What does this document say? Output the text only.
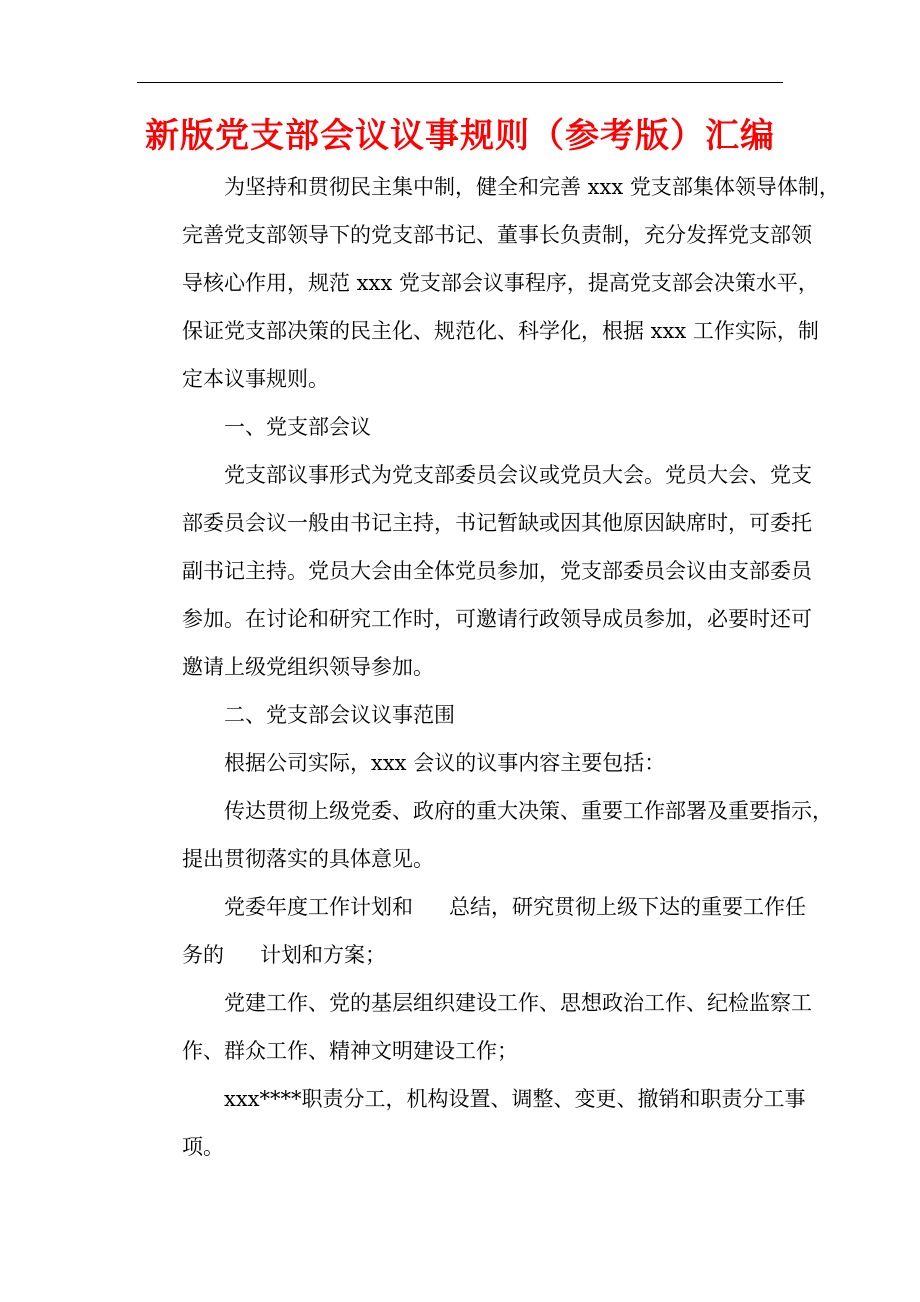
新版党支部会议议事规则（参考版）汇编
为坚持和贯彻民主集中制，健全和完善 xxx 党支部集体领导体制，
完善党支部领导下的党支部书记、董事长负责制，充分发挥党支部领
导核心作用，规范 xxx 党支部会议事程序，提高党支部会决策水平，
保证党支部决策的民主化、规范化、科学化，根据 xxx 工作实际，制
定本议事规则。
一、党支部会议
党支部议事形式为党支部委员会议或党员大会。党员大会、党支
部委员会议一般由书记主持，书记暂缺或因其他原因缺席时，可委托
副书记主持。党员大会由全体党员参加，党支部委员会议由支部委员
参加。在讨论和研究工作时，可邀请行政领导成员参加，必要时还可
邀请上级党组织领导参加。
二、党支部会议议事范围
根据公司实际，xxx 会议的议事内容主要包括：
传达贯彻上级党委、政府的重大决策、重要工作部署及重要指示，
提出贯彻落实的具体意见。
党委年度工作计划和 总结，研究贯彻上级下达的重要工作任
务的 计划和方案；
党建工作、党的基层组织建设工作、思想政治工作、纪检监察工
作、群众工作、精神文明建设工作；
xxx****职责分工，机构设置、调整、变更、撤销和职责分工事
项。
